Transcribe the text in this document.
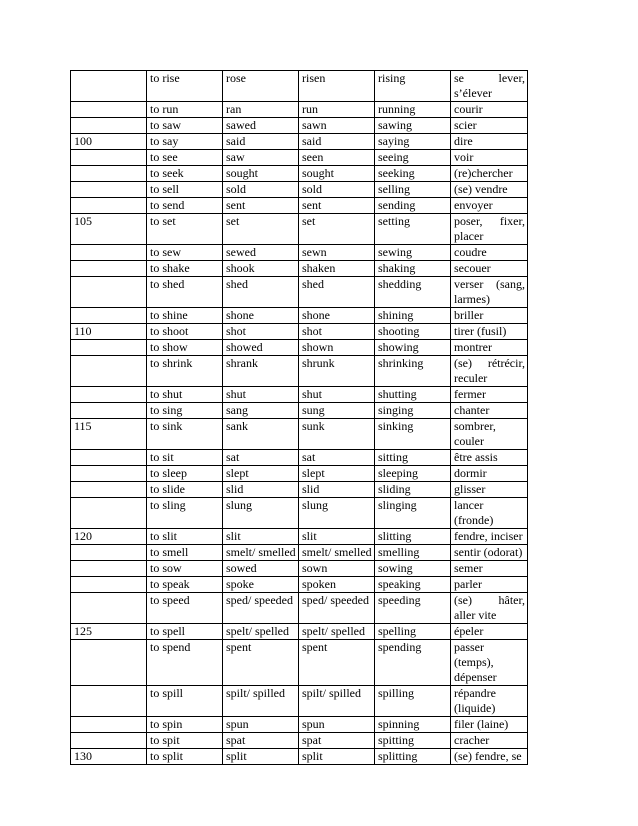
	to rise	rose	risen	rising	se lever, s’élever
	to run	ran	run	running	courir
	to saw	sawed	sawn	sawing	scier
100	to say	said	said	saying	dire
	to see	saw	seen	seeing	voir
	to seek	sought	sought	seeking	(re)chercher
	to sell	sold	sold	selling	(se) vendre
	to send	sent	sent	sending	envoyer
105	to set	set	set	setting	poser, fixer, placer
	to sew	sewed	sewn	sewing	coudre
	to shake	shook	shaken	shaking	secouer
	to shed	shed	shed	shedding	verser (sang, larmes)
	to shine	shone	shone	shining	briller
110	to shoot	shot	shot	shooting	tirer (fusil)
	to show	showed	shown	showing	montrer
	to shrink	shrank	shrunk	shrinking	(se) rétrécir, reculer
	to shut	shut	shut	shutting	fermer
	to sing	sang	sung	singing	chanter
115	to sink	sank	sunk	sinking	sombrer, couler
	to sit	sat	sat	sitting	être assis
	to sleep	slept	slept	sleeping	dormir
	to slide	slid	slid	sliding	glisser
	to sling	slung	slung	slinging	lancer (fronde)
120	to slit	slit	slit	slitting	fendre, inciser
	to smell	smelt/ smelled	smelt/ smelled	smelling	sentir (odorat)
	to sow	sowed	sown	sowing	semer
	to speak	spoke	spoken	speaking	parler
	to speed	sped/ speeded	sped/ speeded	speeding	(se) hâter, aller vite
125	to spell	spelt/ spelled	spelt/ spelled	spelling	épeler
	to spend	spent	spent	spending	passer (temps), dépenser
	to spill	spilt/ spilled	spilt/ spilled	spilling	répandre (liquide)
	to spin	spun	spun	spinning	filer (laine)
	to spit	spat	spat	spitting	cracher
130	to split	split	split	splitting	(se) fendre, se
